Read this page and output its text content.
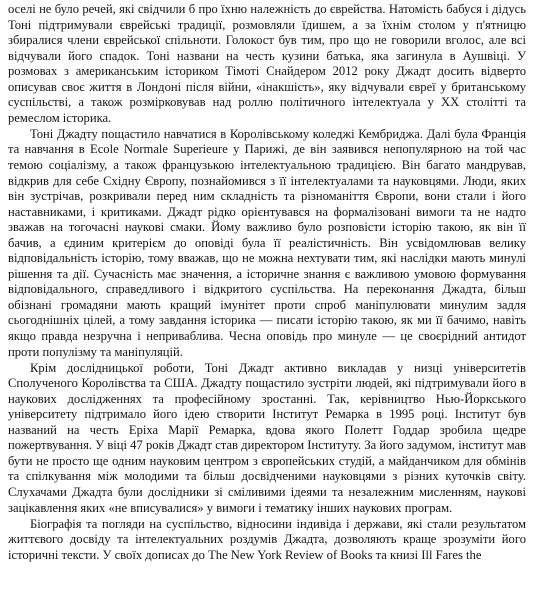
оселі не було речей, які свідчили б про їхню належність до єврейства. Натомість бабуся і дідусь Тоні підтримували єврейські традиції, розмовляли їдишем, а за їхнім столом у п'ятницю збиралися члени єврейської спільноти. Голокост був тим, про що не говорили вголос, але всі відчували його спадок. Тоні названи на честь кузини батька, яка загинула в Аушвіці. У розмовах з американським істориком Тімоті Снайдером 2012 року Джадт досить відверто описував своє життя в Лондоні після війни, «інакшість», яку відчували євреї у британському суспільстві, а також розмірковував над роллю політичного інтелектуала у ХХ столітті та ремеслом історика.

Тоні Джадту пощастило навчатися в Королівському коледжі Кембриджа. Далі була Франція та навчання в Ecole Normale Superieure у Парижі, де він заявився непопулярною на той час темою соціалізму, а також французькою інтелектуальною традицією. Він багато мандрував, відкрив для себе Східну Європу, познайомився з її інтелектуалами та науковцями. Люди, яких він зустрічав, розкривали перед ним складність та різноманіття Європи, вони стали і його наставниками, і критиками. Джадт рідко орієнтувався на формалізовані вимоги та не надто зважав на тогочасні наукові смаки. Йому важливо було розповісти історію такою, як він її бачив, а єдиним критерієм до оповіді була її реалістичність. Він усвідомлював велику відповідальність історію, тому вважав, що не можна нехтувати тим, які наслідки мають минулі рішення та дії. Сучасність має значення, а історичне знання є важливою умовою формування відповідального, справедливого і відкритого суспільства. На переконання Джадта, більш обізнані громадяни мають кращий імунітет проти спроб маніпулювати минулим задля сьогоднішніх цілей, а тому завдання історика — писати історію такою, як ми її бачимо, навіть якщо правда незручна і неприваблива. Чесна оповідь про минуле — це своєрідний антидот проти популізму та маніпуляцій.

Крім дослідницької роботи, Тоні Джадт активно викладав у низці університетів Сполученого Королівства та США. Джадту пощастило зустріти людей, які підтримували його в наукових дослідженнях та професійному зростанні. Так, керівництво Нью-Йоркського університету підтримало його ідею створити Інститут Ремарка в 1995 році. Інститут був названий на честь Еріха Марії Ремарка, вдова якого Полетт Годдар зробила щедре пожертвування. У віці 47 років Джадт став директором Інституту. За його задумом, інститут мав бути не просто ще одним науковим центром з європейських студій, а майданчиком для обмінів та спілкування між молодими та більш досвідченими науковцями з різних куточків світу. Слухачами Джадта були дослідники зі сміливими ідеями та незалежним мисленням, наукові зацікавлення яких «не вписувалися» у вимоги і тематику інших наукових програм.

Біографія та погляди на суспільство, відносини індивіда і держави, які стали результатом життєвого досвіду та інтелектуальних роздумів Джадта, дозволяють краще зрозуміти його історичні тексти. У своїх дописах до The New York Review of Books та книзі Ill Fares the
